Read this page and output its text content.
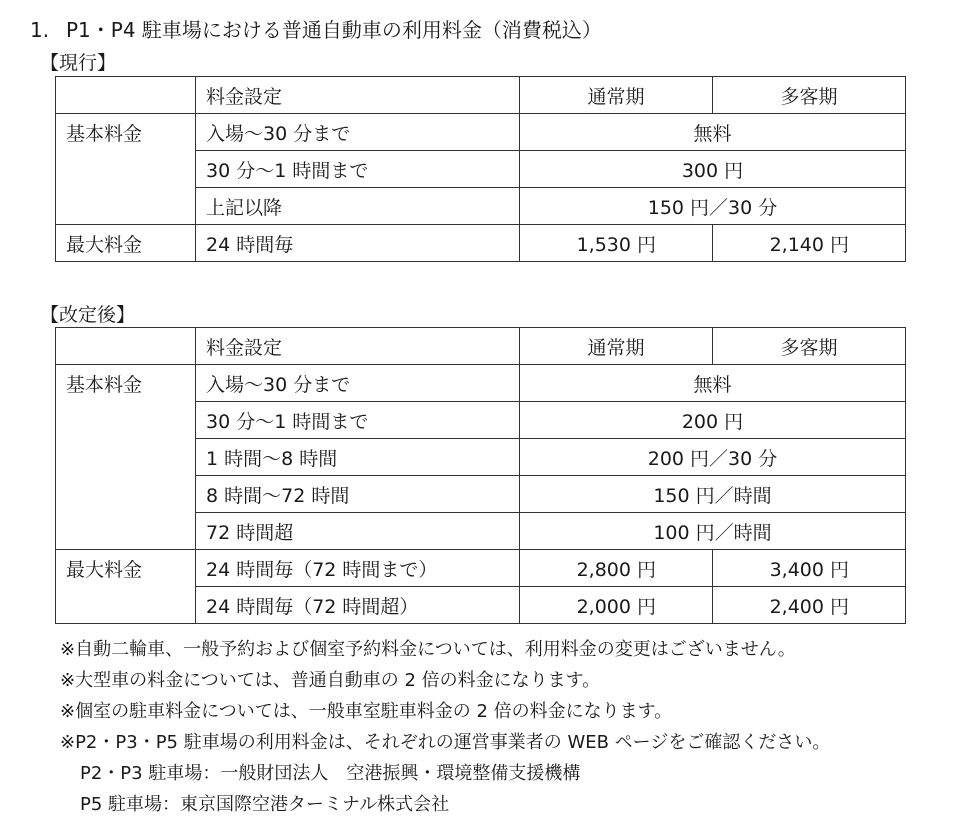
1. P1・P4 駐車場における普通自動車の利用料金（消費税込）
【現行】
	料金設定	通常期	多客期
基本料金	入場～30 分まで	無料	
	30 分～1 時間まで	300 円	
	上記以降	150 円／30 分	
最大料金	24 時間毎	1,530 円	2,140 円
【改定後】
	料金設定	通常期	多客期
基本料金	入場～30 分まで	無料	
	30 分～1 時間まで	200 円	
	1 時間～8 時間	200 円／30 分	
	8 時間～72 時間	150 円／時間	
	72 時間超	100 円／時間	
最大料金	24 時間毎（72 時間まで）	2,800 円	3,400 円
	24 時間毎（72 時間超）	2,000 円	2,400 円
※自動二輪車、一般予約および個室予約料金については、利用料金の変更はございません。
※大型車の料金については、普通自動車の 2 倍の料金になります。
※個室の駐車料金については、一般車室駐車料金の 2 倍の料金になります。
※P2・P3・P5 駐車場の利用料金は、それぞれの運営事業者の WEB ページをご確認ください。
P2・P3 駐車場：一般財団法人　空港振興・環境整備支援機構
P5 駐車場：東京国際空港ターミナル株式会社
